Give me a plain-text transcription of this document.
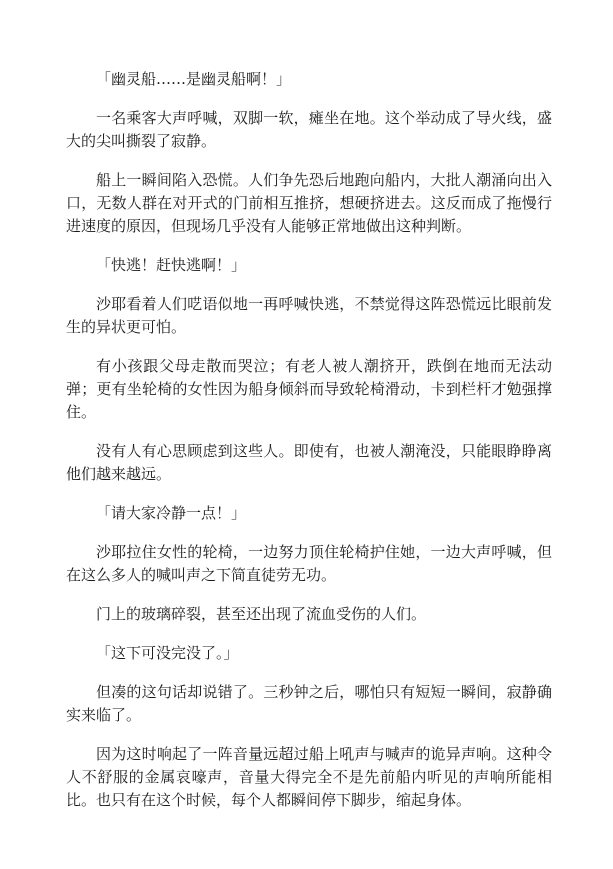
「幽灵船……是幽灵船啊！」

一名乘客大声呼喊，双脚一软，瘫坐在地。这个举动成了导火线，盛大的尖叫撕裂了寂静。

船上一瞬间陷入恐慌。人们争先恐后地跑向船内，大批人潮涌向出入口，无数人群在对开式的门前相互推挤，想硬挤进去。这反而成了拖慢行进速度的原因，但现场几乎没有人能够正常地做出这种判断。

「快逃！赶快逃啊！」

沙耶看着人们呓语似地一再呼喊快逃，不禁觉得这阵恐慌远比眼前发生的异状更可怕。

有小孩跟父母走散而哭泣；有老人被人潮挤开，跌倒在地而无法动弹；更有坐轮椅的女性因为船身倾斜而导致轮椅滑动，卡到栏杆才勉强撑住。

没有人有心思顾虑到这些人。即使有，也被人潮淹没，只能眼睁睁离他们越来越远。

「请大家冷静一点！」

沙耶拉住女性的轮椅，一边努力顶住轮椅护住她，一边大声呼喊，但在这么多人的喊叫声之下简直徒劳无功。

门上的玻璃碎裂，甚至还出现了流血受伤的人们。

「这下可没完没了。」

但凑的这句话却说错了。三秒钟之后，哪怕只有短短一瞬间，寂静确实来临了。

因为这时响起了一阵音量远超过船上吼声与喊声的诡异声响。这种令人不舒服的金属哀嚎声，音量大得完全不是先前船内听见的声响所能相比。也只有在这个时候，每个人都瞬间停下脚步，缩起身体。
